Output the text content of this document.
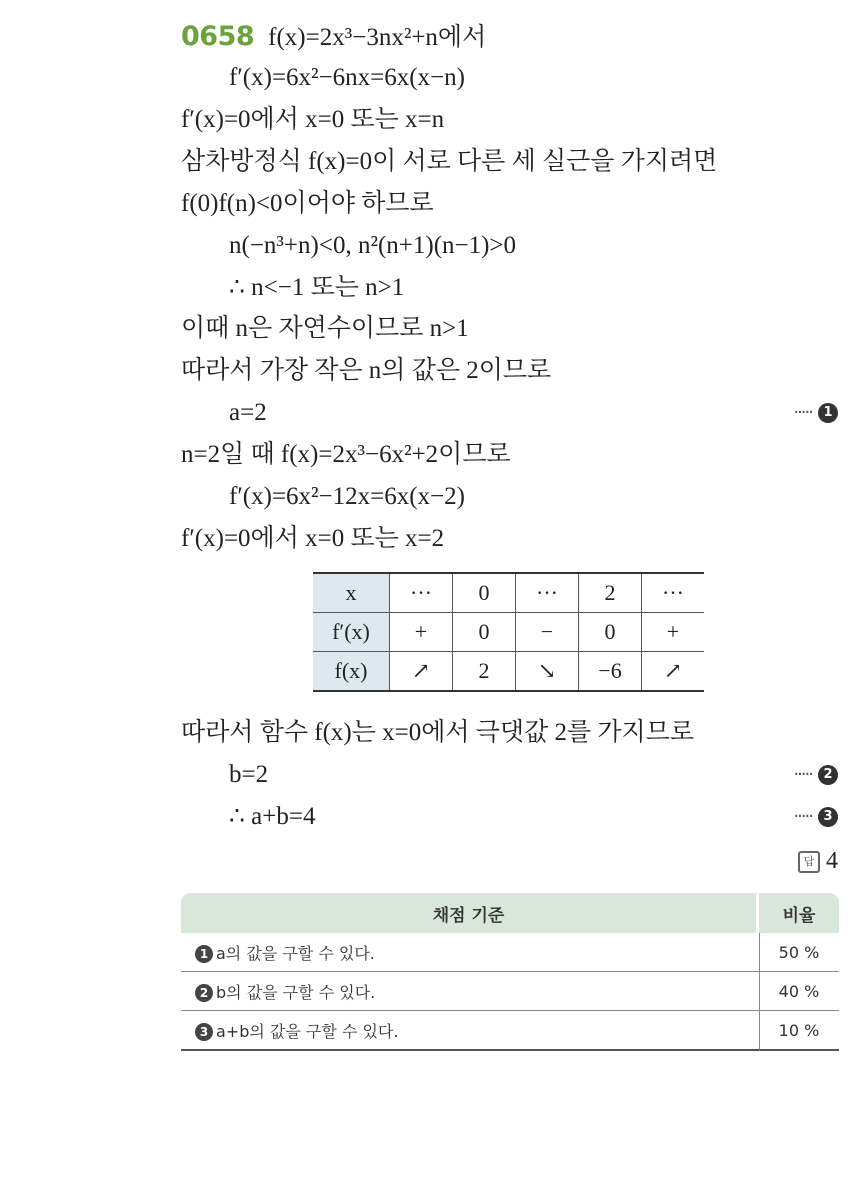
0658 f(x)=2x³−3nx²+n에서
f′(x)=6x²−6nx=6x(x−n)
f′(x)=0에서 x=0 또는 x=n
삼차방정식 f(x)=0이 서로 다른 세 실근을 가지려면
f(0)f(n)<0이어야 하므로
n(−n³+n)<0, n²(n+1)(n−1)>0
∴ n<−1 또는 n>1
이때 n은 자연수이므로 n>1
따라서 가장 작은 n의 값은 2이므로
a=2	····· 1
n=2일 때 f(x)=2x³−6x²+2이므로
f′(x)=6x²−12x=6x(x−2)
f′(x)=0에서 x=0 또는 x=2
x	···	0	···	2	···
f′(x)	+	0	−	0	+
f(x)	↗	2	↘	−6	↗
따라서 함수 f(x)는 x=0에서 극댓값 2를 가지므로
b=2	····· 2
∴ a+b=4	····· 3
답 4
채점 기준	비율
1 a의 값을 구할 수 있다.	50 %
2 b의 값을 구할 수 있다.	40 %
3 a+b의 값을 구할 수 있다.	10 %
